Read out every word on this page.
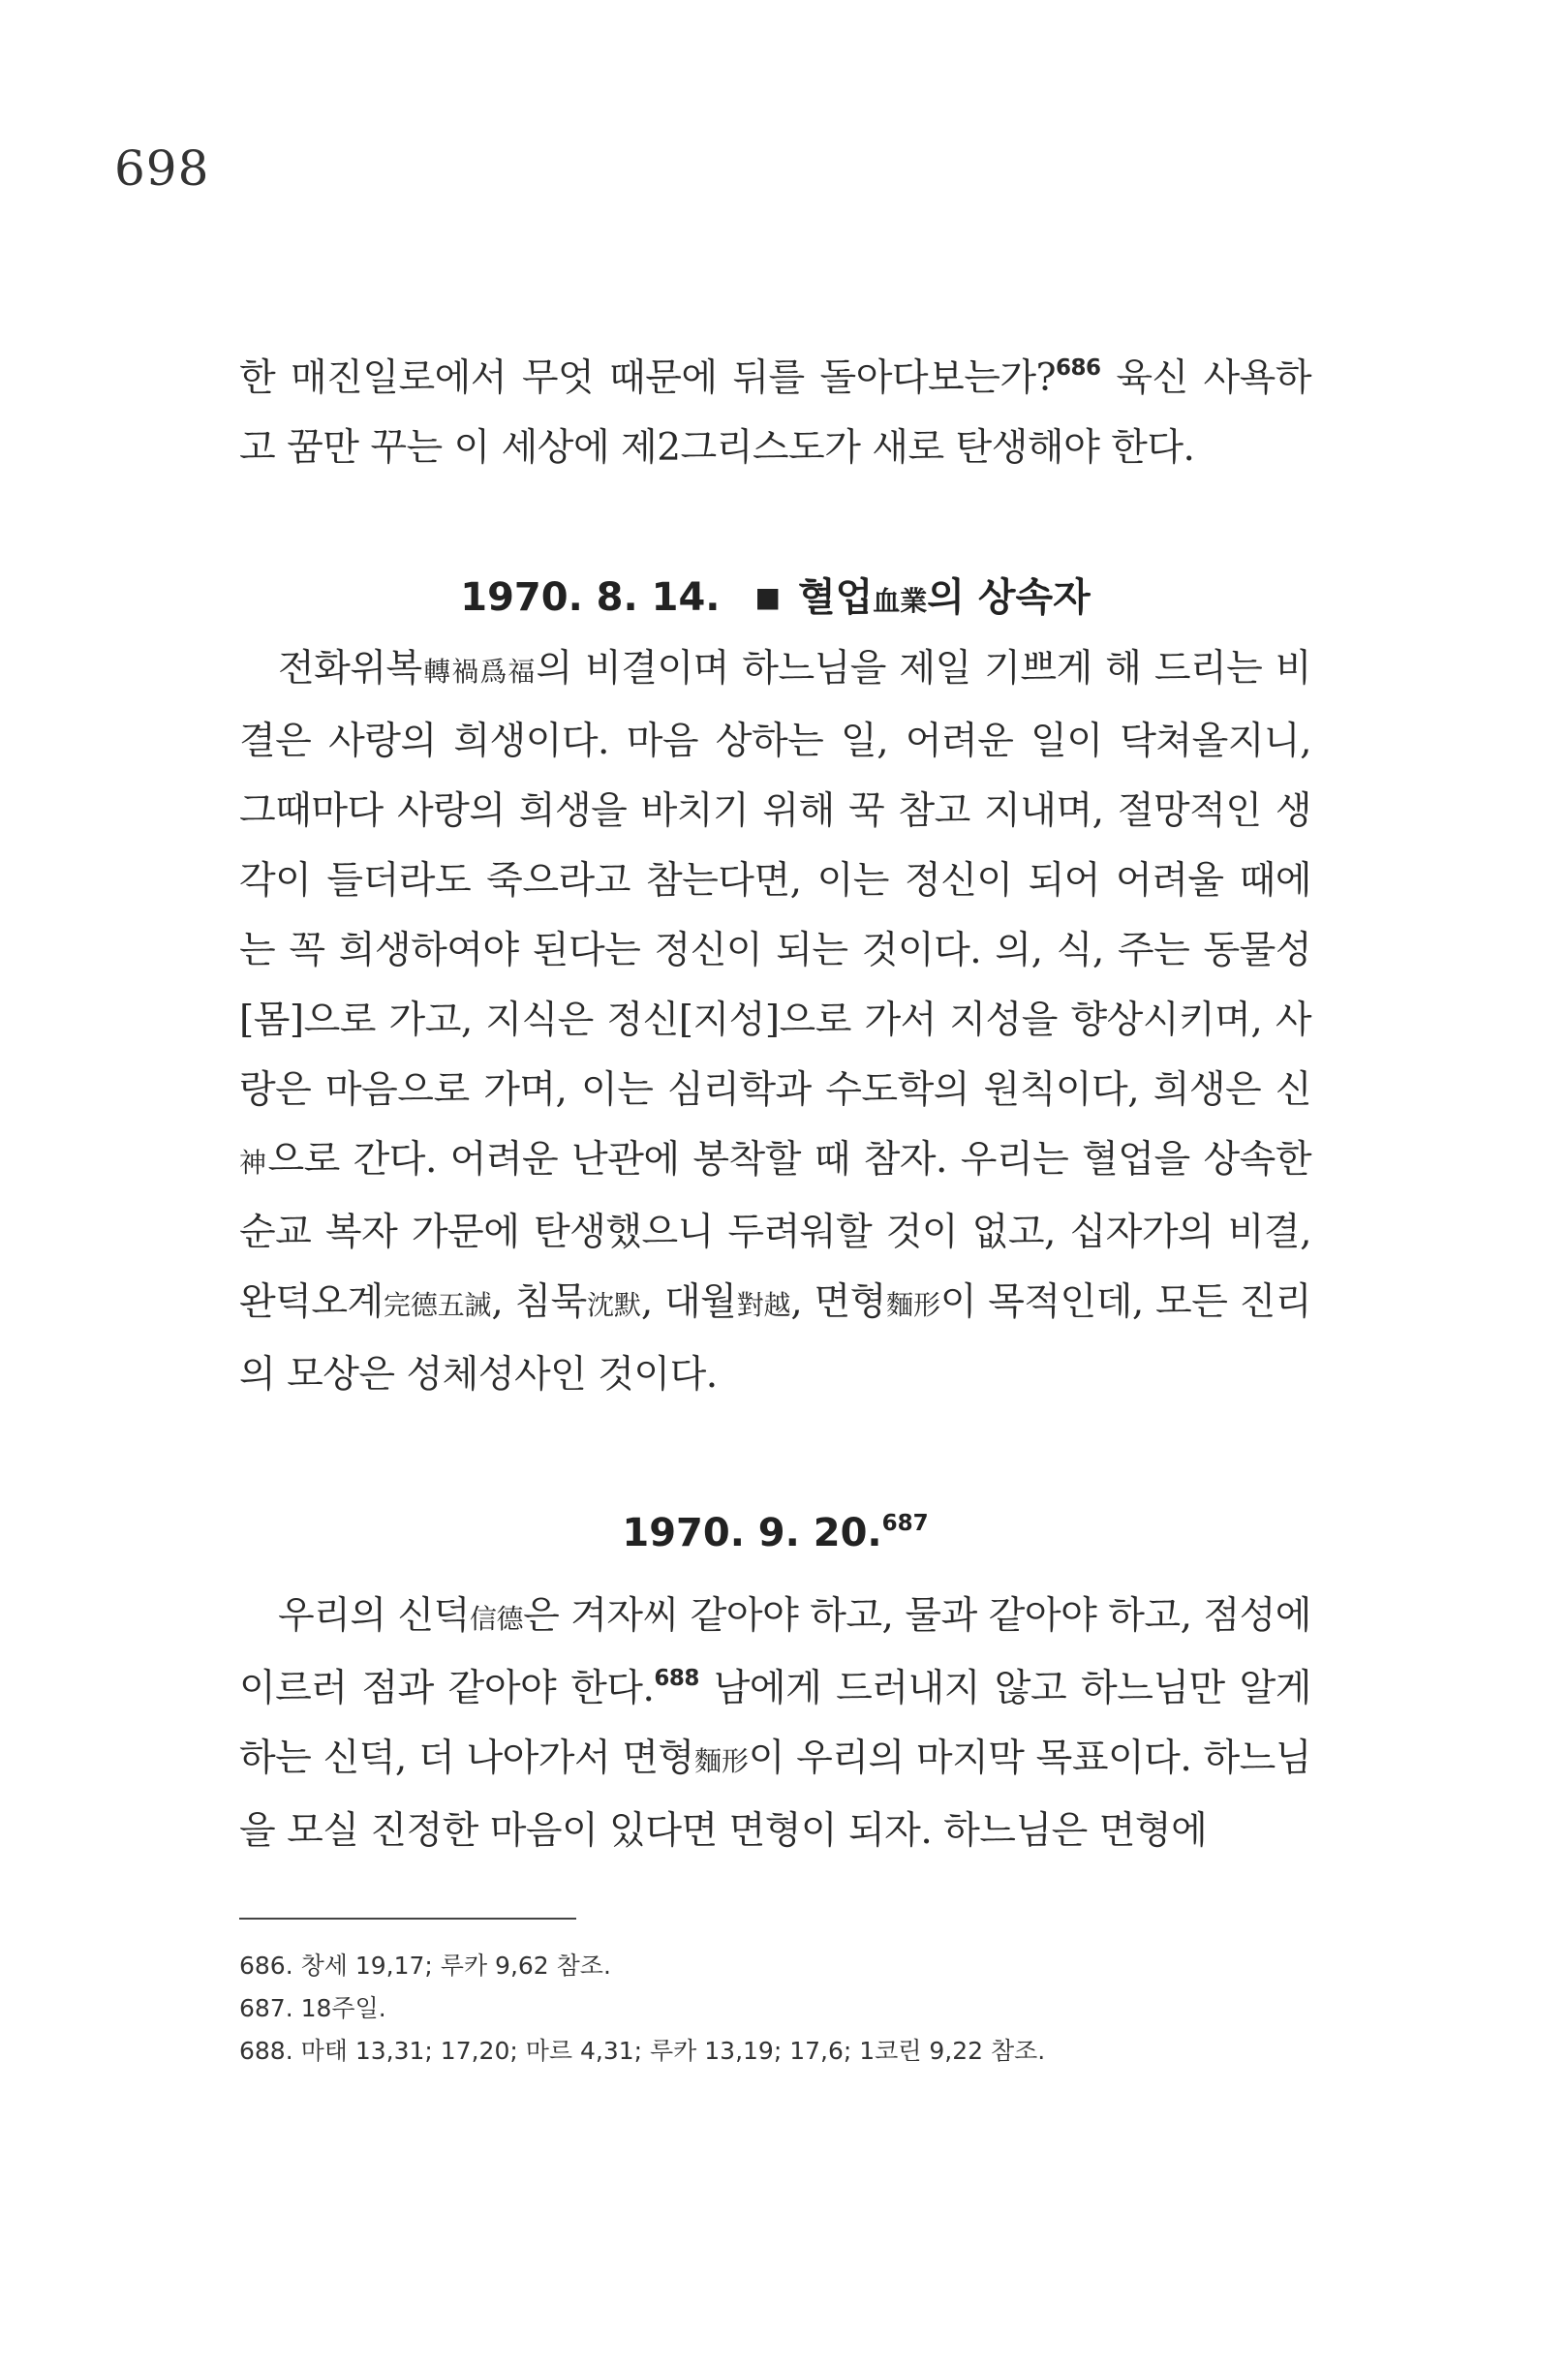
698

한 매진일로에서 무엇 때문에 뒤를 돌아다보는가?$^{686}$ 육신 사욕하고 꿈만 꾸는 이 세상에 제2그리스도가 새로 탄생해야 한다.

1970. 8. 14. ■ 혈업血業의 상속자

전화위복轉禍爲福의 비결이며 하느님을 제일 기쁘게 해 드리는 비결은 사랑의 희생이다. 마음 상하는 일, 어려운 일이 닥쳐올지니, 그때마다 사랑의 희생을 바치기 위해 꾹 참고 지내며, 절망적인 생각이 들더라도 죽으라고 참는다면, 이는 정신이 되어 어려울 때에는 꼭 희생하여야 된다는 정신이 되는 것이다. 의, 식, 주는 동물성[몸]으로 가고, 지식은 정신[지성]으로 가서 지성을 향상시키며, 사랑은 마음으로 가며, 이는 심리학과 수도학의 원칙이다, 희생은 신神으로 간다. 어려운 난관에 봉착할 때 참자. 우리는 혈업을 상속한 순교 복자 가문에 탄생했으니 두려워할 것이 없고, 십자가의 비결, 완덕오계完德五誡, 침묵沈默, 대월對越, 면형麵形이 목적인데, 모든 진리의 모상은 성체성사인 것이다.

1970. 9. 20.$^{687}$

우리의 신덕信德은 겨자씨 같아야 하고, 물과 같아야 하고, 점성에 이르러 점과 같아야 한다.$^{688}$ 남에게 드러내지 않고 하느님만 알게 하는 신덕, 더 나아가서 면형麵形이 우리의 마지막 목표이다. 하느님을 모실 진정한 마음이 있다면 면형이 되자. 하느님은 면형에

686. 창세 19,17; 루카 9,62 참조.
687. 18주일.
688. 마태 13,31; 17,20; 마르 4,31; 루카 13,19; 17,6; 1코린 9,22 참조.
